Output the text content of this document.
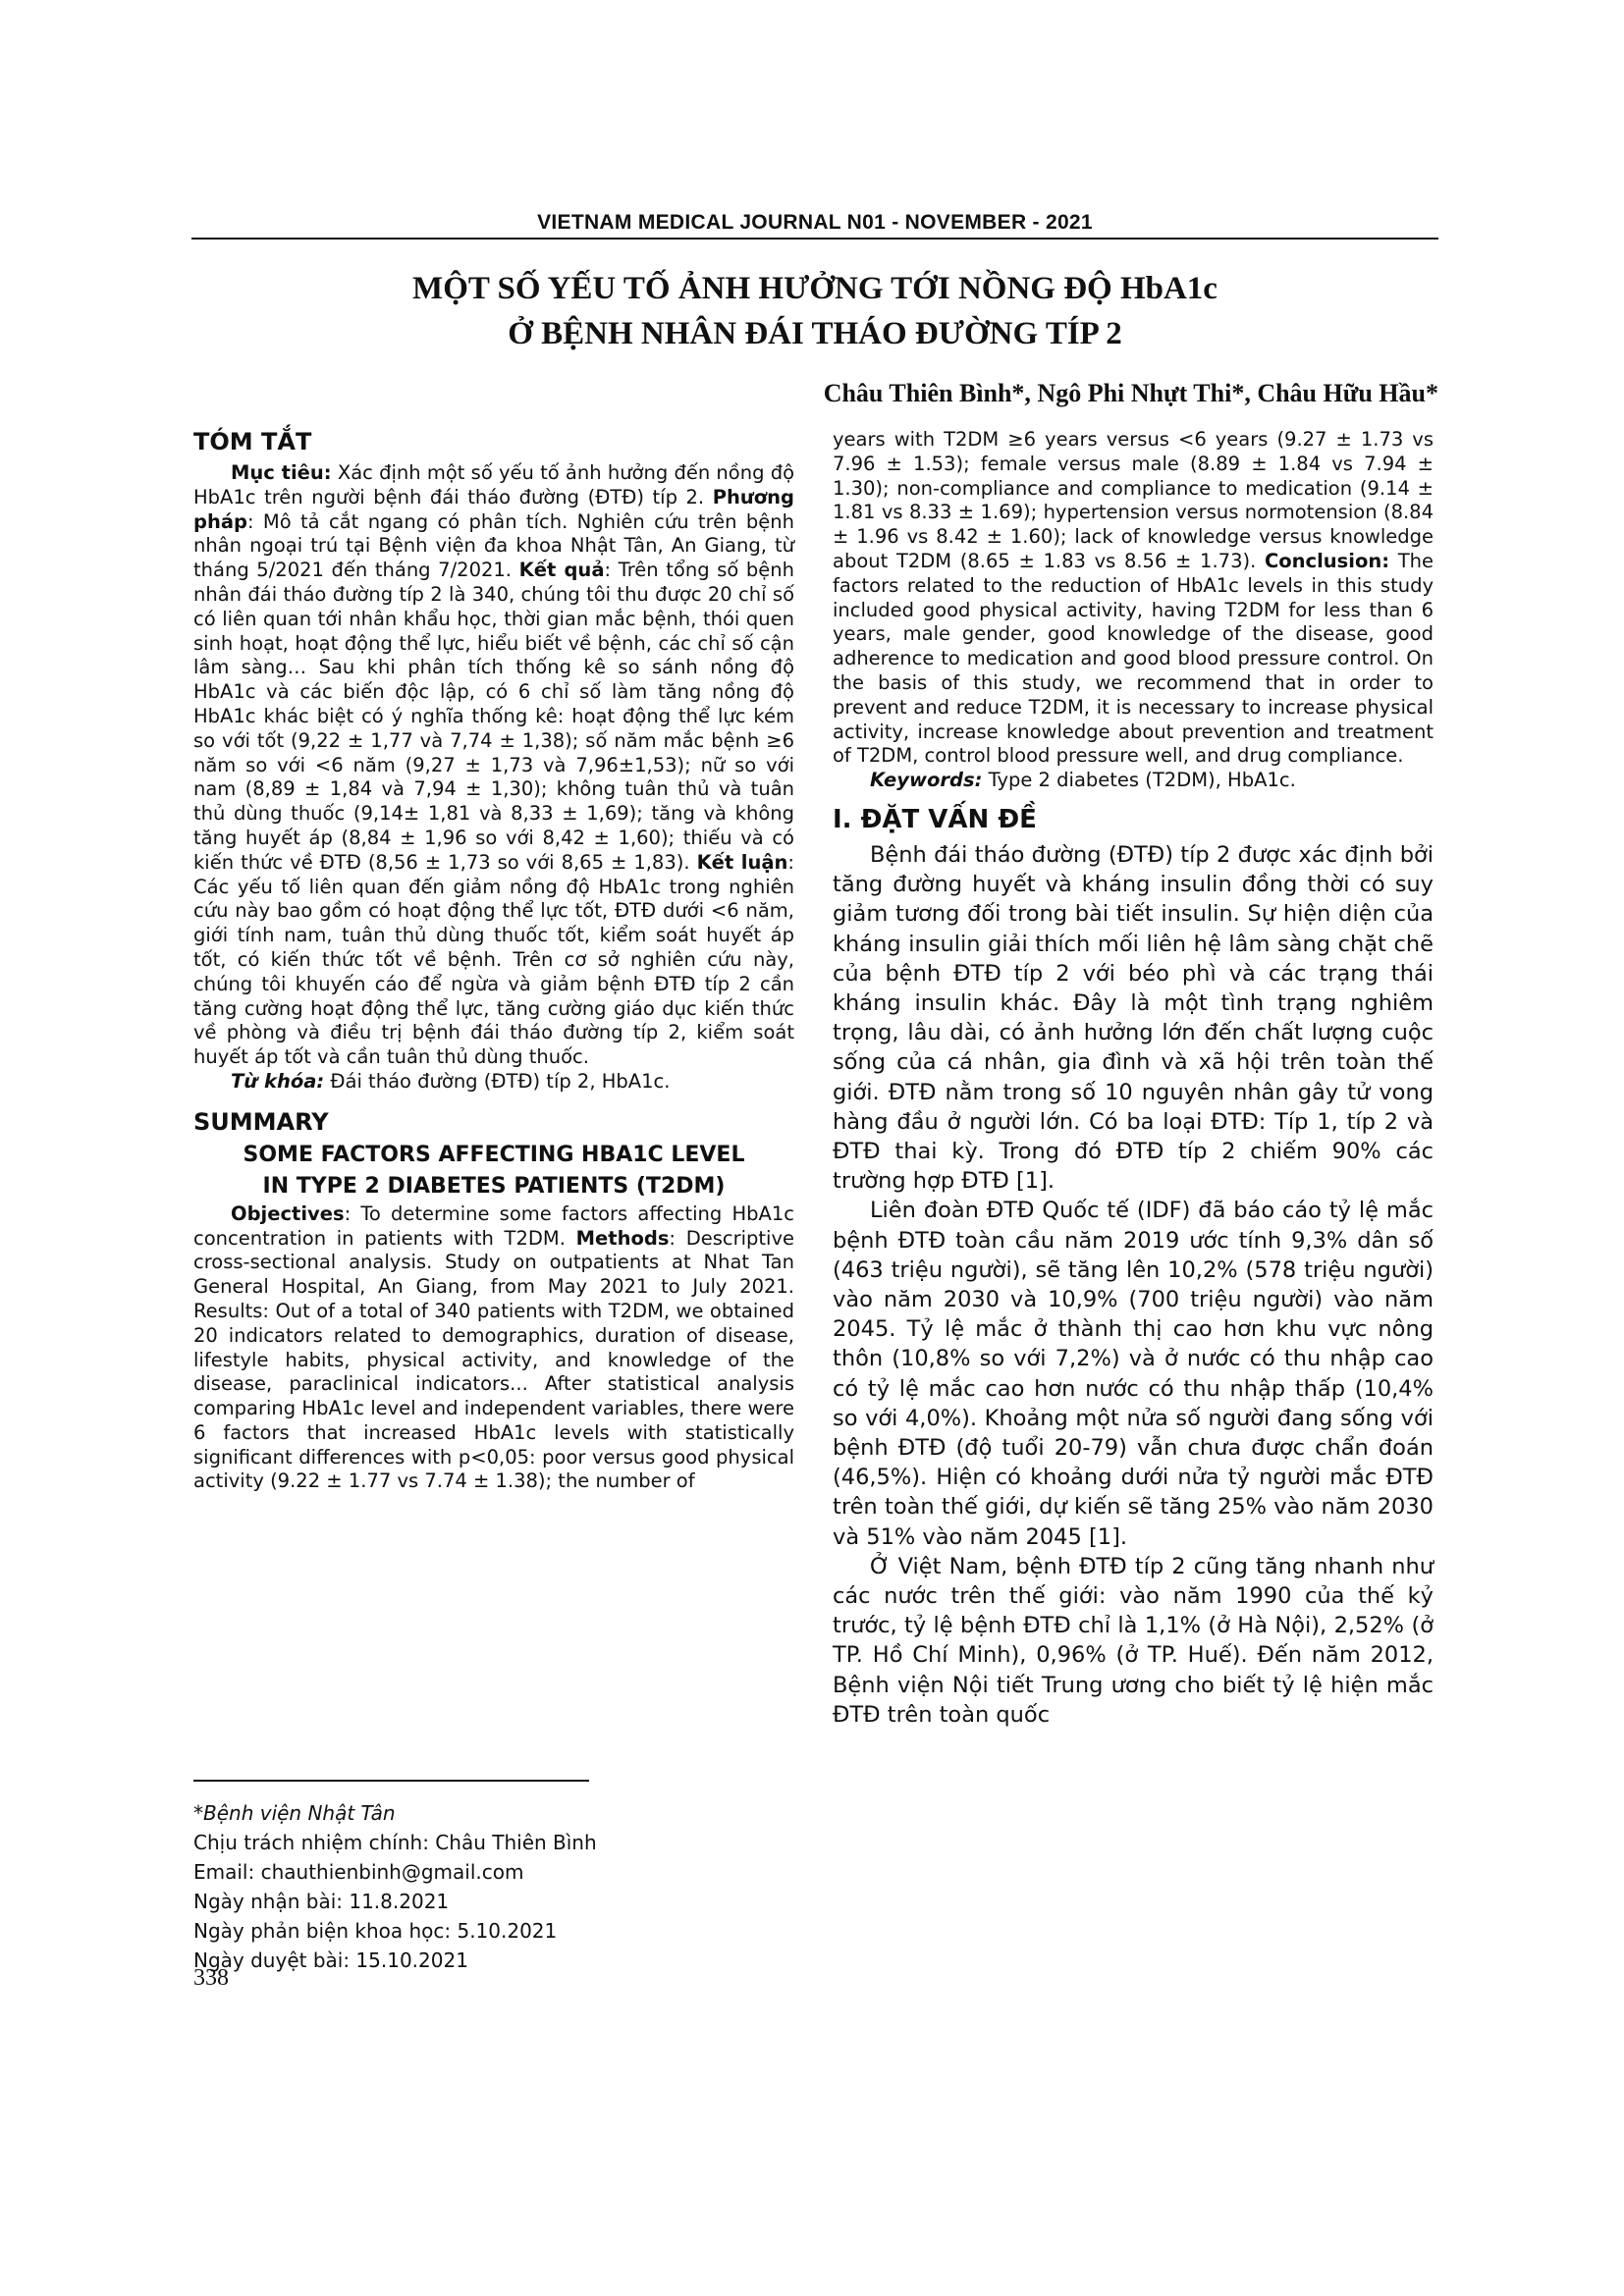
VIETNAM MEDICAL JOURNAL N01 - NOVEMBER - 2021
MỘT SỐ YẾU TỐ ẢNH HƯỞNG TỚI NỒNG ĐỘ HbA1c
Ở BỆNH NHÂN ĐÁI THÁO ĐƯỜNG TÍP 2
Châu Thiên Bình*, Ngô Phi Nhựt Thi*, Châu Hữu Hầu*
TÓM TẮT

Mục tiêu: Xác định một số yếu tố ảnh hưởng đến nồng độ HbA1c trên người bệnh đái tháo đường (ĐTĐ) típ 2. Phương pháp: Mô tả cắt ngang có phân tích. Nghiên cứu trên bệnh nhân ngoại trú tại Bệnh viện đa khoa Nhật Tân, An Giang, từ tháng 5/2021 đến tháng 7/2021. Kết quả: Trên tổng số bệnh nhân đái tháo đường típ 2 là 340, chúng tôi thu được 20 chỉ số có liên quan tới nhân khẩu học, thời gian mắc bệnh, thói quen sinh hoạt, hoạt động thể lực, hiểu biết về bệnh, các chỉ số cận lâm sàng… Sau khi phân tích thống kê so sánh nồng độ HbA1c và các biến độc lập, có 6 chỉ số làm tăng nồng độ HbA1c khác biệt có ý nghĩa thống kê: hoạt động thể lực kém so với tốt (9,22 ± 1,77 và 7,74 ± 1,38); số năm mắc bệnh ≥6 năm so với <6 năm (9,27 ± 1,73 và 7,96±1,53); nữ so với nam (8,89 ± 1,84 và 7,94 ± 1,30); không tuân thủ và tuân thủ dùng thuốc (9,14± 1,81 và 8,33 ± 1,69); tăng và không tăng huyết áp (8,84 ± 1,96 so với 8,42 ± 1,60); thiếu và có kiến thức về ĐTĐ (8,56 ± 1,73 so với 8,65 ± 1,83). Kết luận: Các yếu tố liên quan đến giảm nồng độ HbA1c trong nghiên cứu này bao gồm có hoạt động thể lực tốt, ĐTĐ dưới <6 năm, giới tính nam, tuân thủ dùng thuốc tốt, kiểm soát huyết áp tốt, có kiến thức tốt về bệnh. Trên cơ sở nghiên cứu này, chúng tôi khuyến cáo để ngừa và giảm bệnh ĐTĐ típ 2 cần tăng cường hoạt động thể lực, tăng cường giáo dục kiến thức về phòng và điều trị bệnh đái tháo đường típ 2, kiểm soát huyết áp tốt và cần tuân thủ dùng thuốc.

Từ khóa: Đái tháo đường (ĐTĐ) típ 2, HbA1c.

SUMMARY
SOME FACTORS AFFECTING HBA1C LEVEL
IN TYPE 2 DIABETES PATIENTS (T2DM)

Objectives: To determine some factors affecting HbA1c concentration in patients with T2DM. Methods: Descriptive cross-sectional analysis. Study on outpatients at Nhat Tan General Hospital, An Giang, from May 2021 to July 2021. Results: Out of a total of 340 patients with T2DM, we obtained 20 indicators related to demographics, duration of disease, lifestyle habits, physical activity, and knowledge of the disease, paraclinical indicators... After statistical analysis comparing HbA1c level and independent variables, there were 6 factors that increased HbA1c levels with statistically significant differences with p<0,05: poor versus good physical activity (9.22 ± 1.77 vs 7.74 ± 1.38); the number of

years with T2DM ≥6 years versus <6 years (9.27 ± 1.73 vs 7.96 ± 1.53); female versus male (8.89 ± 1.84 vs 7.94 ± 1.30); non-compliance and compliance to medication (9.14 ± 1.81 vs 8.33 ± 1.69); hypertension versus normotension (8.84 ± 1.96 vs 8.42 ± 1.60); lack of knowledge versus knowledge about T2DM (8.65 ± 1.83 vs 8.56 ± 1.73). Conclusion: The factors related to the reduction of HbA1c levels in this study included good physical activity, having T2DM for less than 6 years, male gender, good knowledge of the disease, good adherence to medication and good blood pressure control. On the basis of this study, we recommend that in order to prevent and reduce T2DM, it is necessary to increase physical activity, increase knowledge about prevention and treatment of T2DM, control blood pressure well, and drug compliance.

Keywords: Type 2 diabetes (T2DM), HbA1c.

I. ĐẶT VẤN ĐỀ

Bệnh đái tháo đường (ĐTĐ) típ 2 được xác định bởi tăng đường huyết và kháng insulin đồng thời có suy giảm tương đối trong bài tiết insulin. Sự hiện diện của kháng insulin giải thích mối liên hệ lâm sàng chặt chẽ của bệnh ĐTĐ típ 2 với béo phì và các trạng thái kháng insulin khác. Đây là một tình trạng nghiêm trọng, lâu dài, có ảnh hưởng lớn đến chất lượng cuộc sống của cá nhân, gia đình và xã hội trên toàn thế giới. ĐTĐ nằm trong số 10 nguyên nhân gây tử vong hàng đầu ở người lớn. Có ba loại ĐTĐ: Típ 1, típ 2 và ĐTĐ thai kỳ. Trong đó ĐTĐ típ 2 chiếm 90% các trường hợp ĐTĐ [1].

Liên đoàn ĐTĐ Quốc tế (IDF) đã báo cáo tỷ lệ mắc bệnh ĐTĐ toàn cầu năm 2019 ước tính 9,3% dân số (463 triệu người), sẽ tăng lên 10,2% (578 triệu người) vào năm 2030 và 10,9% (700 triệu người) vào năm 2045. Tỷ lệ mắc ở thành thị cao hơn khu vực nông thôn (10,8% so với 7,2%) và ở nước có thu nhập cao có tỷ lệ mắc cao hơn nước có thu nhập thấp (10,4% so với 4,0%). Khoảng một nửa số người đang sống với bệnh ĐTĐ (độ tuổi 20-79) vẫn chưa được chẩn đoán (46,5%). Hiện có khoảng dưới nửa tỷ người mắc ĐTĐ trên toàn thế giới, dự kiến sẽ tăng 25% vào năm 2030 và 51% vào năm 2045 [1].

Ở Việt Nam, bệnh ĐTĐ típ 2 cũng tăng nhanh như các nước trên thế giới: vào năm 1990 của thế kỷ trước, tỷ lệ bệnh ĐTĐ chỉ là 1,1% (ở Hà Nội), 2,52% (ở TP. Hồ Chí Minh), 0,96% (ở TP. Huế). Đến năm 2012, Bệnh viện Nội tiết Trung ương cho biết tỷ lệ hiện mắc ĐTĐ trên toàn quốc

*Bệnh viện Nhật Tân
Chịu trách nhiệm chính: Châu Thiên Bình
Email: chauthienbinh@gmail.com
Ngày nhận bài: 11.8.2021
Ngày phản biện khoa học: 5.10.2021
Ngày duyệt bài: 15.10.2021
338
